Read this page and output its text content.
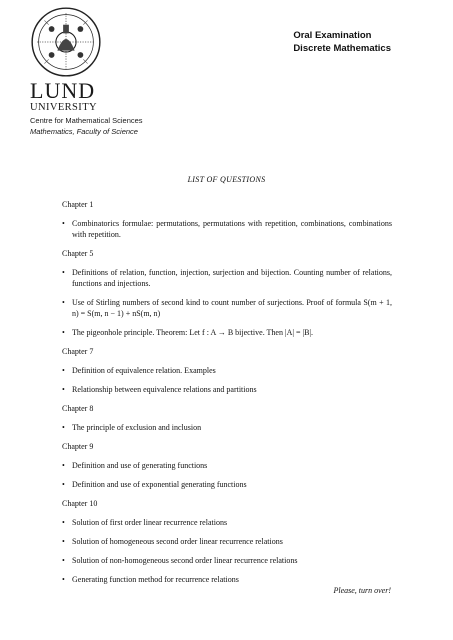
LUND
UNIVERSITY
Oral Examination
Discrete Mathematics
Centre for Mathematical Sciences
Mathematics, Faculty of Science
LIST OF QUESTIONS
Chapter 1
• Combinatorics formulae: permutations, permutations with repetition, combinations, combinations with repetition.
Chapter 5
• Definitions of relation, function, injection, surjection and bijection. Counting number of relations, functions and injections.
• Use of Stirling numbers of second kind to count number of surjections. Proof of formula S(m + 1, n) = S(m, n − 1) + nS(m, n)
• The pigeonhole principle. Theorem: Let f : A → B bijective. Then |A| = |B|.
Chapter 7
• Definition of equivalence relation. Examples
• Relationship between equivalence relations and partitions
Chapter 8
• The principle of exclusion and inclusion
Chapter 9
• Definition and use of generating functions
• Definition and use of exponential generating functions
Chapter 10
• Solution of first order linear recurrence relations
• Solution of homogeneous second order linear recurrence relations
• Solution of non-homogeneous second order linear recurrence relations
• Generating function method for recurrence relations
Please, turn over!
